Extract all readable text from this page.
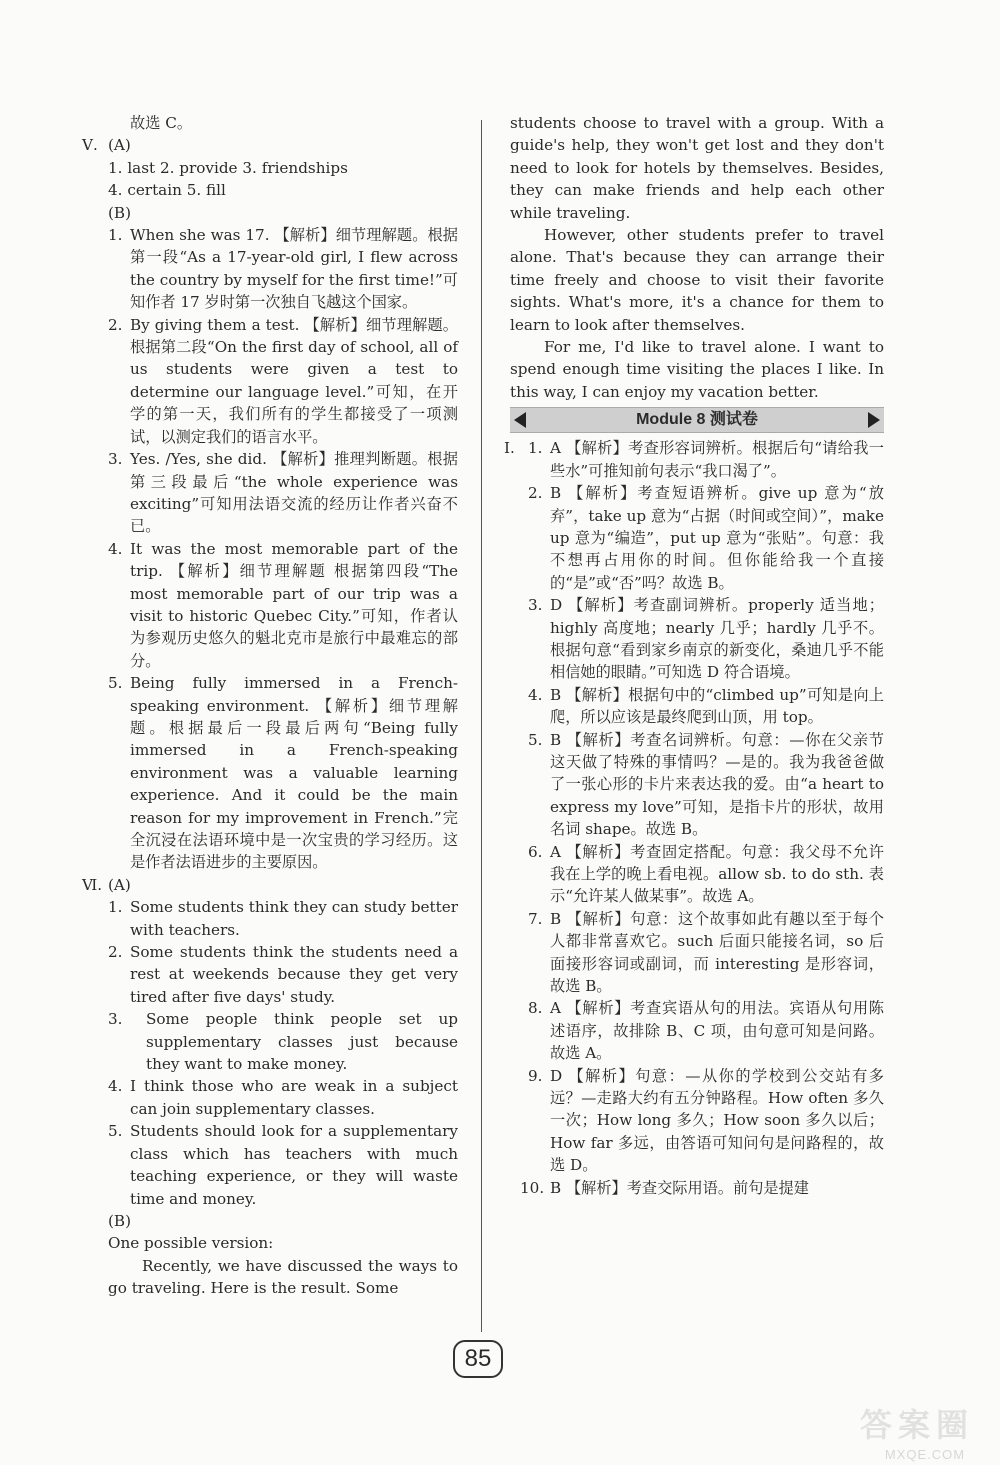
故选 C。

Ⅴ. (A)

1. last 2. provide 3. friendships

4. certain 5. fill

(B)

1. When she was 17. 【解析】细节理解题。根据第一段“As a 17-year-old girl, I flew across the country by myself for the first time!”可知作者 17 岁时第一次独自飞越这个国家。

2. By giving them a test. 【解析】细节理解题。根据第二段“On the first day of school, all of us students were given a test to determine our language level.”可知，在开学的第一天，我们所有的学生都接受了一项测试，以测定我们的语言水平。

3. Yes. /Yes, she did. 【解析】推理判断题。根据第三段最后“the whole experience was exciting”可知用法语交流的经历让作者兴奋不已。

4. It was the most memorable part of the trip. 【解析】细节理解题 根据第四段“The most memorable part of our trip was a visit to historic Quebec City.”可知，作者认为参观历史悠久的魁北克市是旅行中最难忘的部分。

5. Being fully immersed in a French-speaking environment. 【解析】细节理解题。根据最后一段最后两句“Being fully immersed in a French-speaking environment was a valuable learning experience. And it could be the main reason for my improvement in French.”完全沉浸在法语环境中是一次宝贵的学习经历。这是作者法语进步的主要原因。

Ⅵ. (A)

1. Some students think they can study better with teachers.

2. Some students think the students need a rest at weekends because they get very tired after five days' study.

3.	Some people think people set up supplementary classes just because they want to make money.

4. I think those who are weak in a subject can join supplementary classes.

5. Students should look for a supplementary class which has teachers with much teaching experience, or they will waste time and money.

(B)

One possible version:

Recently, we have discussed the ways to go traveling. Here is the result. Some

students choose to travel with a group. With a guide's help, they won't get lost and they don't need to look for hotels by themselves. Besides, they can make friends and help each other while traveling.

However, other students prefer to travel alone. That's because they can arrange their time freely and choose to visit their favorite sights. What's more, it's a chance for them to learn to look after themselves.

For me, I'd like to travel alone. I want to spend enough time visiting the places I like. In this way, I can enjoy my vacation better.

Module 8 测试卷
Ⅰ. 1. A 【解析】考查形容词辨析。根据后句“请给我一些水”可推知前句表示“我口渴了”。

2. B 【解析】考查短语辨析。give up 意为“放弃”，take up 意为“占据（时间或空间）”，make up 意为“编造”，put up 意为“张贴”。句意：我不想再占用你的时间。但你能给我一个直接的“是”或“否”吗？故选 B。

3. D 【解析】考查副词辨析。properly 适当地；highly 高度地；nearly 几乎；hardly 几乎不。根据句意“看到家乡南京的新变化，桑迪几乎不能相信她的眼睛。”可知选 D 符合语境。

4. B 【解析】根据句中的“climbed up”可知是向上爬，所以应该是最终爬到山顶，用 top。

5. B 【解析】考查名词辨析。句意：—你在父亲节这天做了特殊的事情吗？—是的。我为我爸爸做了一张心形的卡片来表达我的爱。由“a heart to express my love”可知，是指卡片的形状，故用名词 shape。故选 B。

6. A 【解析】考查固定搭配。句意：我父母不允许我在上学的晚上看电视。allow sb. to do sth. 表示“允许某人做某事”。故选 A。

7. B 【解析】句意：这个故事如此有趣以至于每个人都非常喜欢它。such 后面只能接名词，so 后面接形容词或副词，而 interesting 是形容词，故选 B。

8. A 【解析】考查宾语从句的用法。宾语从句用陈述语序，故排除 B、C 项，由句意可知是问路。故选 A。

9. D 【解析】句意：—从你的学校到公交站有多远？—走路大约有五分钟路程。How often 多久一次；How long 多久；How soon 多久以后；How far 多远，由答语可知问句是问路程的，故选 D。

10. B 【解析】考查交际用语。前句是提建

85
答案圈
MXQE.COM
